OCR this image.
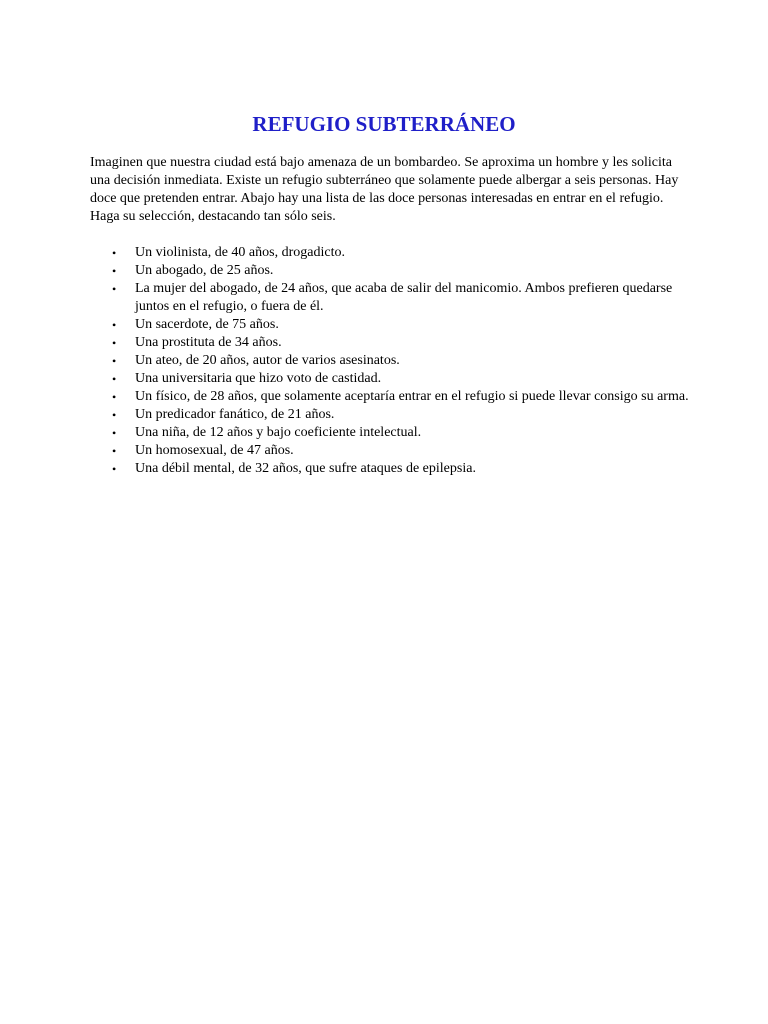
REFUGIO SUBTERRÁNEO

Imaginen que nuestra ciudad está bajo amenaza de un bombardeo. Se aproxima un hombre y les solicita una decisión inmediata. Existe un refugio subterráneo que solamente puede albergar a seis personas. Hay doce que pretenden entrar. Abajo hay una lista de las doce personas interesadas en entrar en el refugio. Haga su selección, destacando tan sólo seis.

• Un violinista, de 40 años, drogadicto.
• Un abogado, de 25 años.
• La mujer del abogado, de 24 años, que acaba de salir del manicomio. Ambos prefieren quedarse juntos en el refugio, o fuera de él.
• Un sacerdote, de 75 años.
• Una prostituta de 34 años.
• Un ateo, de 20 años, autor de varios asesinatos.
• Una universitaria que hizo voto de castidad.
• Un físico, de 28 años, que solamente aceptaría entrar en el refugio si puede llevar consigo su arma.
• Un predicador fanático, de 21 años.
• Una niña, de 12 años y bajo coeficiente intelectual.
• Un homosexual, de 47 años.
• Una débil mental, de 32 años, que sufre ataques de epilepsia.
